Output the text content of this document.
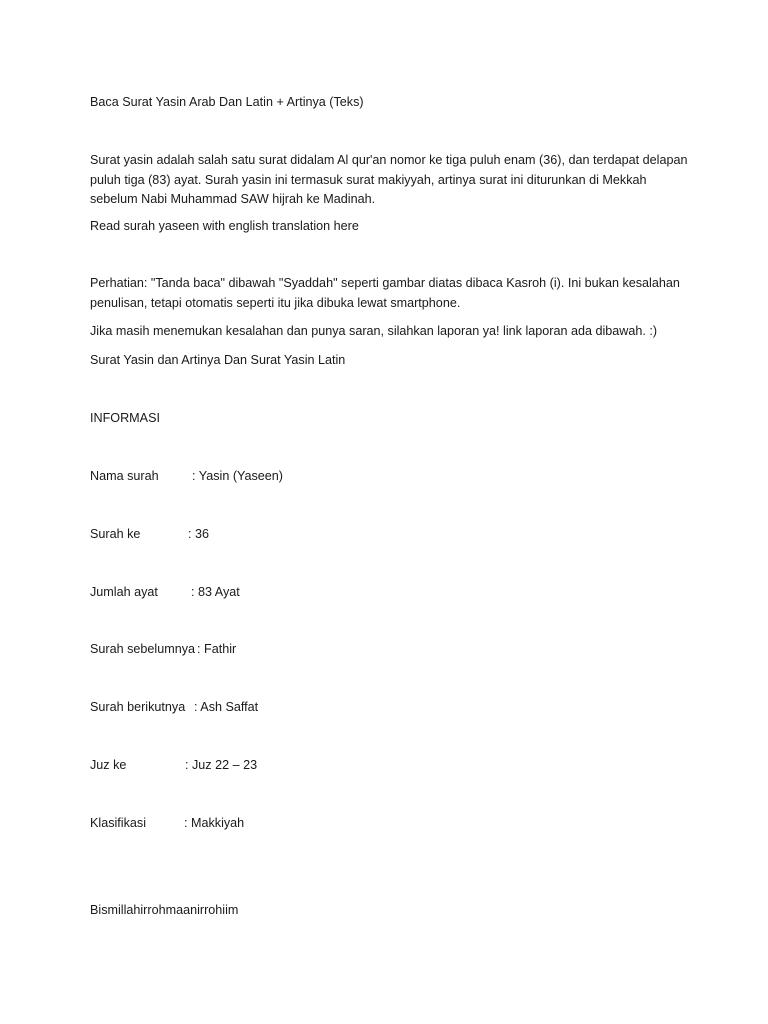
Baca Surat Yasin Arab Dan Latin + Artinya (Teks)

Surat yasin adalah salah satu surat didalam Al qur'an nomor ke tiga puluh enam (36), dan terdapat delapan puluh tiga (83) ayat. Surah yasin ini termasuk surat makiyyah, artinya surat ini diturunkan di Mekkah sebelum Nabi Muhammad SAW hijrah ke Madinah.

Read surah yaseen with english translation here

Perhatian: "Tanda baca" dibawah "Syaddah" seperti gambar diatas dibaca Kasroh (i). Ini bukan kesalahan penulisan, tetapi otomatis seperti itu jika dibuka lewat smartphone.

Jika masih menemukan kesalahan dan punya saran, silahkan laporan ya! link laporan ada dibawah. :)

Surat Yasin dan Artinya Dan Surat Yasin Latin

INFORMASI

Nama surah	: Yasin (Yaseen)

Surah ke	: 36

Jumlah ayat	: 83 Ayat

Surah sebelumnya : Fathir

Surah berikutnya : Ash Saffat

Juz ke	: Juz 22 – 23

Klasifikasi	: Makkiyah

Bismillahirrohmaanirrohiim
